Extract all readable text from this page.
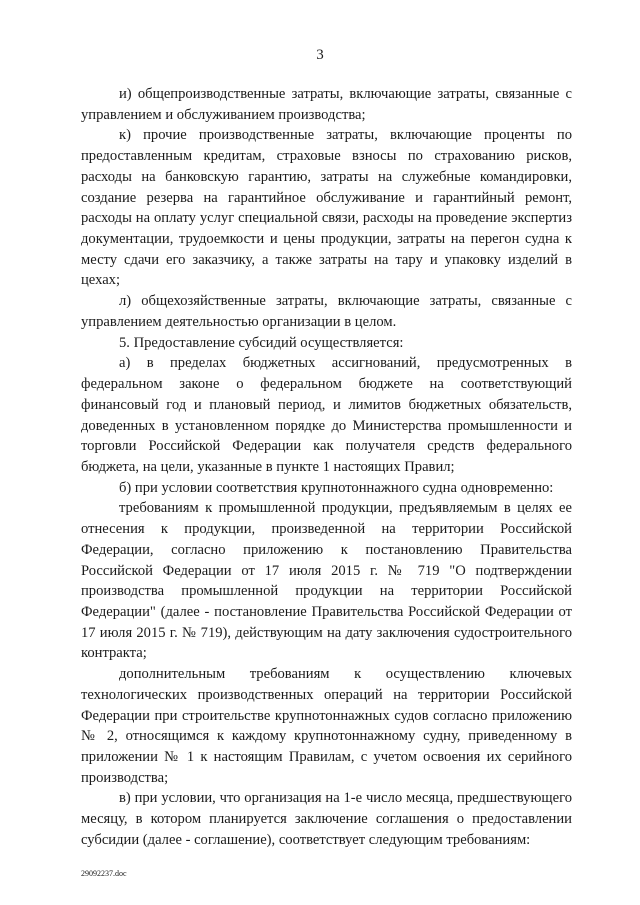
3

и) общепроизводственные затраты, включающие затраты, связанные с управлением и обслуживанием производства;

к) прочие производственные затраты, включающие проценты по предоставленным кредитам, страховые взносы по страхованию рисков, расходы на банковскую гарантию, затраты на служебные командировки, создание резерва на гарантийное обслуживание и гарантийный ремонт, расходы на оплату услуг специальной связи, расходы на проведение экспертиз документации, трудоемкости и цены продукции, затраты на перегон судна к месту сдачи его заказчику, а также затраты на тару и упаковку изделий в цехах;

л) общехозяйственные затраты, включающие затраты, связанные с управлением деятельностью организации в целом.

5. Предоставление субсидий осуществляется:

а) в пределах бюджетных ассигнований, предусмотренных в федеральном законе о федеральном бюджете на соответствующий финансовый год и плановый период, и лимитов бюджетных обязательств, доведенных в установленном порядке до Министерства промышленности и торговли Российской Федерации как получателя средств федерального бюджета, на цели, указанные в пункте 1 настоящих Правил;

б) при условии соответствия крупнотоннажного судна одновременно:

требованиям к промышленной продукции, предъявляемым в целях ее отнесения к продукции, произведенной на территории Российской Федерации, согласно приложению к постановлению Правительства Российской Федерации от 17 июля 2015 г. № 719 "О подтверждении производства промышленной продукции на территории Российской Федерации" (далее - постановление Правительства Российской Федерации от 17 июля 2015 г. № 719), действующим на дату заключения судостроительного контракта;

дополнительным требованиям к осуществлению ключевых технологических производственных операций на территории Российской Федерации при строительстве крупнотоннажных судов согласно приложению № 2, относящимся к каждому крупнотоннажному судну, приведенному в приложении № 1 к настоящим Правилам, с учетом освоения их серийного производства;

в) при условии, что организация на 1-е число месяца, предшествующего месяцу, в котором планируется заключение соглашения о предоставлении субсидии (далее - соглашение), соответствует следующим требованиям:

29092237.doc
